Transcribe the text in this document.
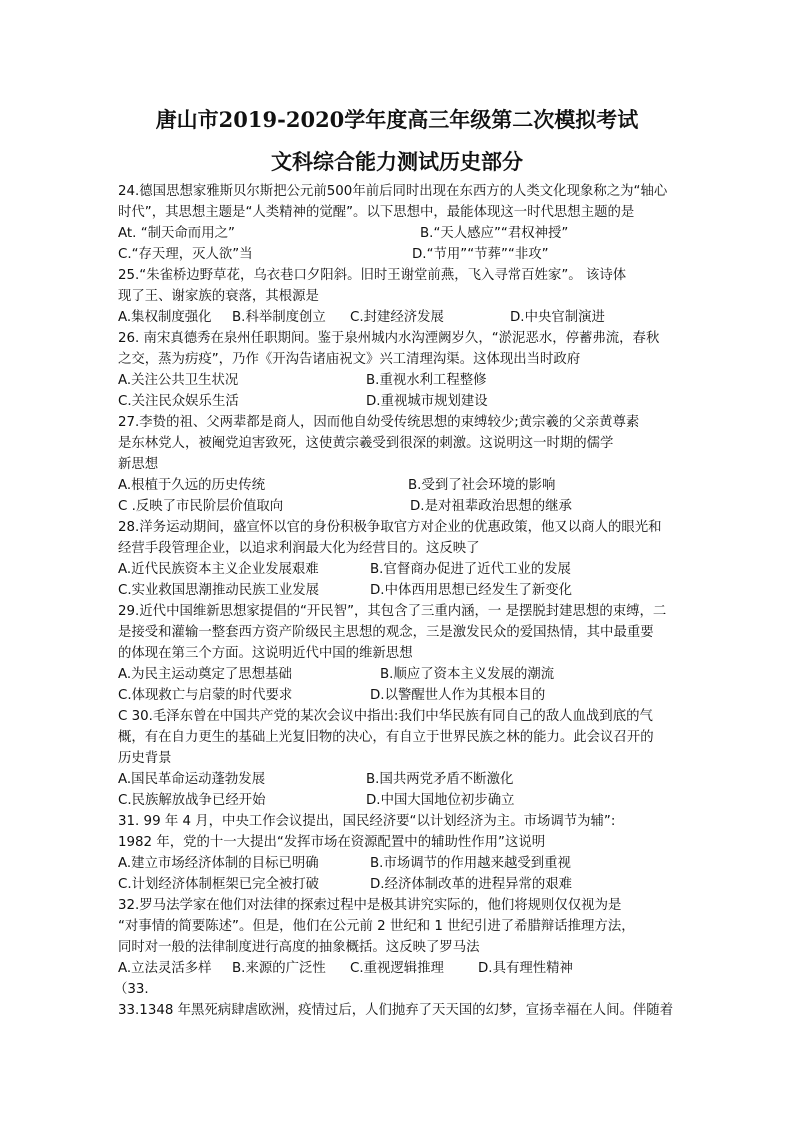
唐山市2019-2020学年度高三年级第二次模拟考试
文科综合能力测试历史部分
24.德国思想家雅斯贝尔斯把公元前500年前后同时出现在东西方的人类文化现象称之为“轴心
时代”，其思想主题是“人类精神的觉醒”。以下思想中，最能体现这一时代思想主题的是
At. “制天命而用之”	B.“天人感应”“君权神授”
C.“存天理，灭人欲”当	D.“节用”“节葬”“非攻”
25.“朱雀桥边野草花，乌衣巷口夕阳斜。旧时王谢堂前燕，飞入寻常百姓家”。 该诗体
现了王、谢家族的衰落，其根源是
A.集权制度强化 B.科举制度创立 C.封建经济发展	D.中央官制演进
26. 南宋真德秀在泉州任职期间。鉴于泉州城内水沟湮阙岁久，“淤泥恶水，停蓄弗流，春秋
之交，蒸为疠疫”，乃作《开沟告诸庙祝文》兴工清理沟渠。这体现出当时政府
A.关注公共卫生状况	B.重视水利工程整修
C.关注民众娱乐生活	D.重视城市规划建设
27.李贽的祖、父两辈都是商人，因而他自幼受传统思想的束缚较少;黄宗羲的父亲黄尊素
是东林党人，被阉党迫害致死，这使黄宗羲受到很深的刺激。这说明这一时期的儒学
新思想
A.根植于久远的历史传统	B.受到了社会环境的影响
C .反映了市民阶层价值取向	D.是对祖辈政治思想的继承
28.洋务运动期间，盛宣怀以官的身份积极争取官方对企业的优惠政策，他又以商人的眼光和
经营手段管理企业，以追求利润最大化为经营目的。这反映了
A.近代民族资本主义企业发展艰难	B.官督商办促进了近代工业的发展
C.实业救国思潮推动民族工业发展	D.中体西用思想已经发生了新变化
29.近代中国维新思想家提倡的“开民智”，其包含了三重内涵，一 是摆脱封建思想的束缚，二
是接受和灌输一整套西方资产阶级民主思想的观念，三是激发民众的爱国热情，其中最重要
的体现在第三个方面。这说明近代中国的维新思想
A.为民主运动奠定了思想基础	B.顺应了资本主义发展的潮流
C.体现救亡与启蒙的时代要求	D.以警醒世人作为其根本目的
C 30.毛泽东曾在中国共产党的某次会议中指出:我们中华民族有同自己的敌人血战到底的气
概，有在自力更生的基础上光复旧物的决心，有自立于世界民族之林的能力。此会议召开的
历史背景
A.国民革命运动蓬勃发展	B.国共两党矛盾不断激化
C.民族解放战争已经开始	D.中国大国地位初步确立
31. 99 年 4 月，中央工作会议提出，国民经济要“以计划经济为主。市场调节为辅”:
1982 年，党的十一大提出“发挥市场在资源配置中的辅助性作用”这说明
A.建立市场经济体制的目标已明确	B.市场调节的作用越来越受到重视
C.计划经济体制框架已完全被打破	D.经济体制改革的进程异常的艰难
32.罗马法学家在他们对法律的探索过程中是极其讲究实际的，他们将规则仅仅视为是
“对事情的简要陈述”。但是，他们在公元前 2 世纪和 1 世纪引进了希腊辩话推理方法，
同时对一般的法律制度进行高度的抽象概括。这反映了罗马法
A.立法灵活多样 B.来源的广泛性 C.重视逻辑推理	D.具有理性精神
（33.
33.1348 年黑死病肆虐欧洲，疫情过后，人们抛弃了天天国的幻梦，宣扬幸福在人间。伴随着
